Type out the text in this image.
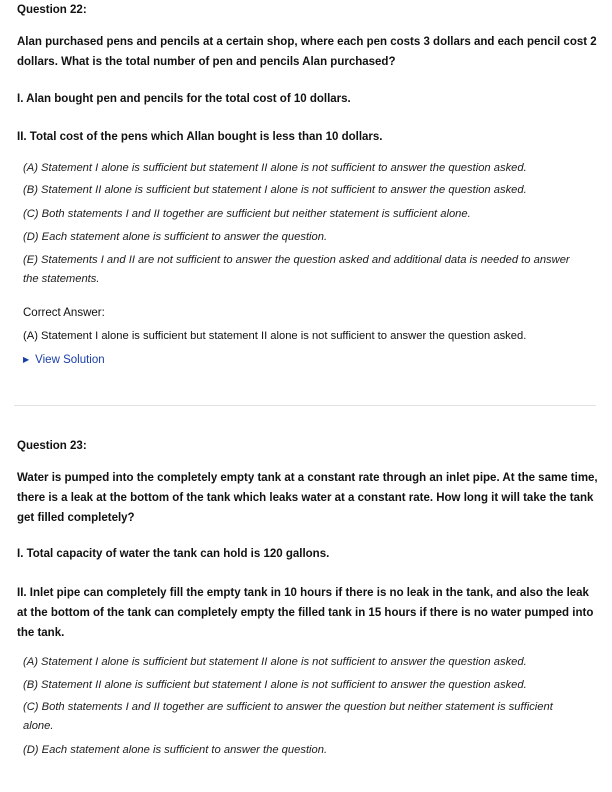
Question 22:

Alan purchased pens and pencils at a certain shop, where each pen costs 3 dollars and each pencil cost 2 dollars. What is the total number of pen and pencils Alan purchased?

I. Alan bought pen and pencils for the total cost of 10 dollars.

II. Total cost of the pens which Allan bought is less than 10 dollars.

(A) Statement I alone is sufficient but statement II alone is not sufficient to answer the question asked.

(B) Statement II alone is sufficient but statement I alone is not sufficient to answer the question asked.

(C) Both statements I and II together are sufficient but neither statement is sufficient alone.

(D) Each statement alone is sufficient to answer the question.

(E) Statements I and II are not sufficient to answer the question asked and additional data is needed to answer the statements.

Correct Answer:

(A) Statement I alone is sufficient but statement II alone is not sufficient to answer the question asked.

▶ View Solution

Question 23:

Water is pumped into the completely empty tank at a constant rate through an inlet pipe. At the same time, there is a leak at the bottom of the tank which leaks water at a constant rate. How long it will take the tank get filled completely?

I. Total capacity of water the tank can hold is 120 gallons.

II. Inlet pipe can completely fill the empty tank in 10 hours if there is no leak in the tank, and also the leak at the bottom of the tank can completely empty the filled tank in 15 hours if there is no water pumped into the tank.

(A) Statement I alone is sufficient but statement II alone is not sufficient to answer the question asked.

(B) Statement II alone is sufficient but statement I alone is not sufficient to answer the question asked.

(C) Both statements I and II together are sufficient to answer the question but neither statement is sufficient alone.

(D) Each statement alone is sufficient to answer the question.
